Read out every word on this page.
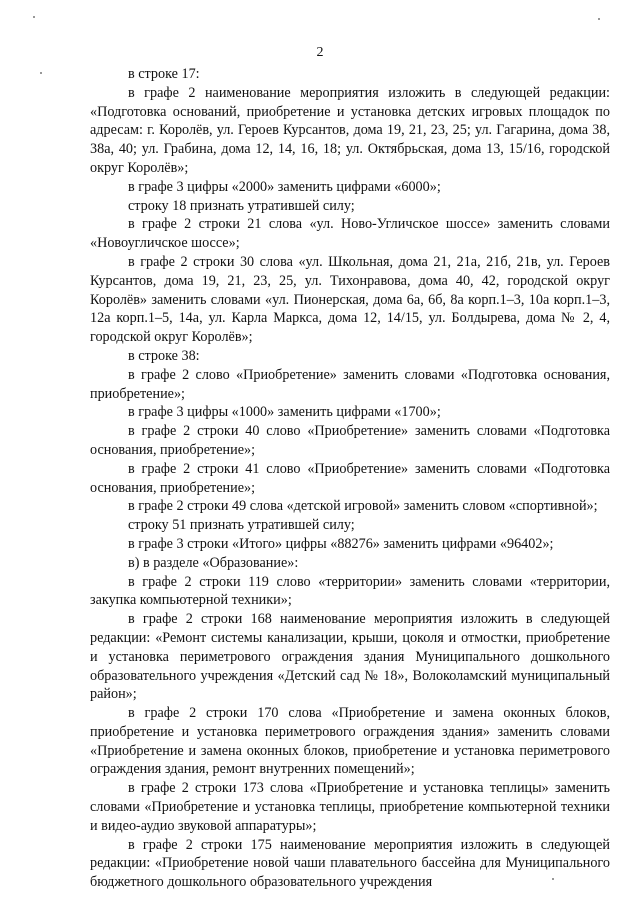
2

в строке 17:

в графе 2 наименование мероприятия изложить в следующей редакции: «Подготовка оснований, приобретение и установка детских игровых площадок по адресам: г. Королёв, ул. Героев Курсантов, дома 19, 21, 23, 25; ул. Гагарина, дома 38, 38а, 40; ул. Грабина, дома 12, 14, 16, 18; ул. Октябрьская, дома 13, 15/16, городской округ Королёв»;

в графе 3 цифры «2000» заменить цифрами «6000»;

строку 18 признать утратившей силу;

в графе 2 строки 21 слова «ул. Ново-Угличское шоссе» заменить словами «Новоугличское шоссе»;

в графе 2 строки 30 слова «ул. Школьная, дома 21, 21а, 21б, 21в, ул. Героев Курсантов, дома 19, 21, 23, 25, ул. Тихонравова, дома 40, 42, городской округ Королёв» заменить словами «ул. Пионерская, дома 6а, 6б, 8а корп.1–3, 10а корп.1–3, 12а корп.1–5, 14а, ул. Карла Маркса, дома 12, 14/15, ул. Болдырева, дома № 2, 4, городской округ Королёв»;

в строке 38:

в графе 2 слово «Приобретение» заменить словами «Подготовка основания, приобретение»;

в графе 3 цифры «1000» заменить цифрами «1700»;

в графе 2 строки 40 слово «Приобретение» заменить словами «Подготовка основания, приобретение»;

в графе 2 строки 41 слово «Приобретение» заменить словами «Подготовка основания, приобретение»;

в графе 2 строки 49 слова «детской игровой» заменить словом «спортивной»;

строку 51 признать утратившей силу;

в графе 3 строки «Итого» цифры «88276» заменить цифрами «96402»;

в) в разделе «Образование»:

в графе 2 строки 119 слово «территории» заменить словами «территории, закупка компьютерной техники»;

в графе 2 строки 168 наименование мероприятия изложить в следующей редакции: «Ремонт системы канализации, крыши, цоколя и отмостки, приобретение и установка периметрового ограждения здания Муниципального дошкольного образовательного учреждения «Детский сад № 18», Волоколамский муниципальный район»;

в графе 2 строки 170 слова «Приобретение и замена оконных блоков, приобретение и установка периметрового ограждения здания» заменить словами «Приобретение и замена оконных блоков, приобретение и установка периметрового ограждения здания, ремонт внутренних помещений»;

в графе 2 строки 173 слова «Приобретение и установка теплицы» заменить словами «Приобретение и установка теплицы, приобретение компьютерной техники и видео-аудио звуковой аппаратуры»;

в графе 2 строки 175 наименование мероприятия изложить в следующей редакции: «Приобретение новой чаши плавательного бассейна для Муниципального бюджетного дошкольного образовательного учреждения
